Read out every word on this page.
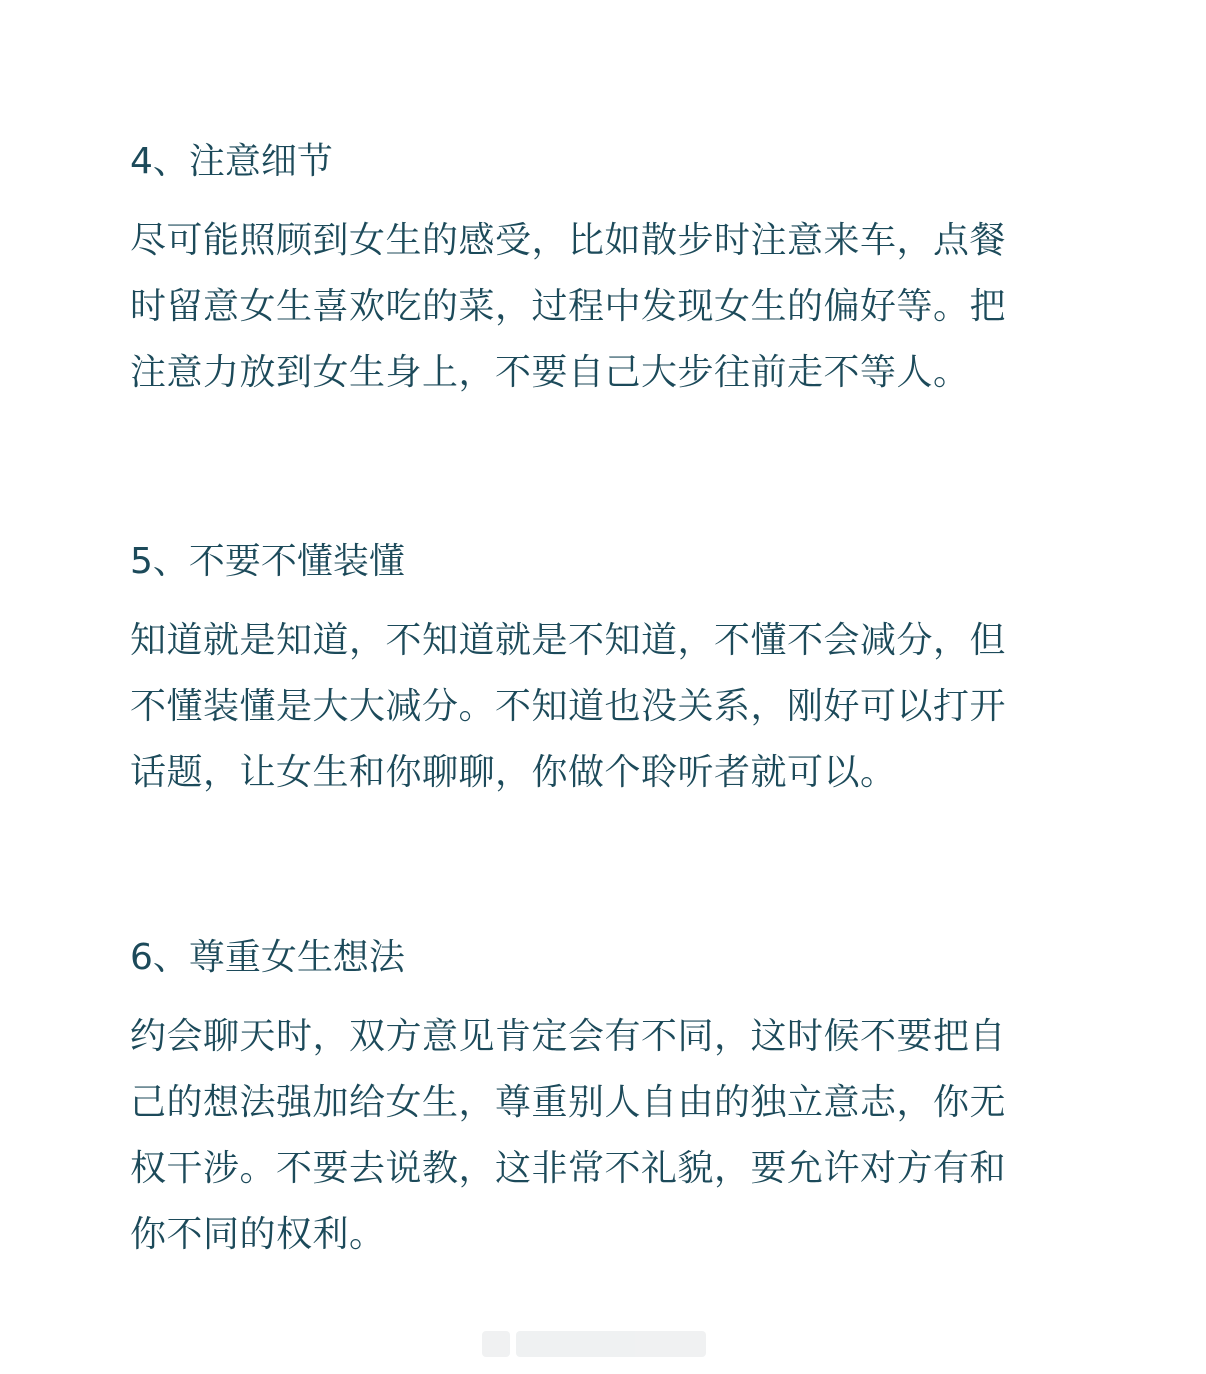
4、注意细节
尽可能照顾到女生的感受，比如散步时注意来车，点餐
时留意女生喜欢吃的菜，过程中发现女生的偏好等。把
注意力放到女生身上，不要自己大步往前走不等人。
5、不要不懂装懂
知道就是知道，不知道就是不知道，不懂不会减分，但
不懂装懂是大大减分。不知道也没关系，刚好可以打开
话题，让女生和你聊聊，你做个聆听者就可以。
6、尊重女生想法
约会聊天时，双方意见肯定会有不同，这时候不要把自
己的想法强加给女生，尊重别人自由的独立意志，你无
权干涉。不要去说教，这非常不礼貌，要允许对方有和
你不同的权利。
